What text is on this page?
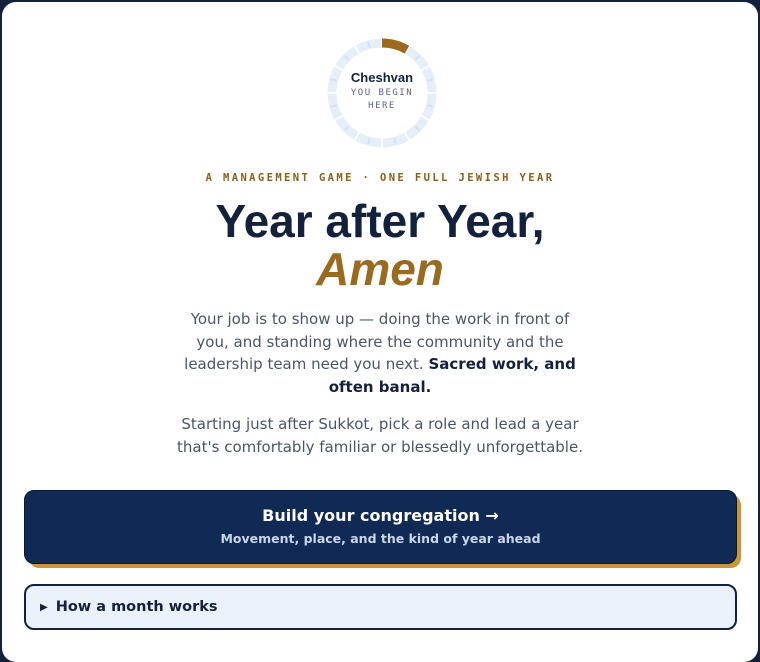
Cheshvan
YOU BEGIN HERE
A MANAGEMENT GAME · ONE FULL JEWISH YEAR
Year after Year,
Amen

Your job is to show up — doing the work in front of you, and standing where the community and the leadership team need you next. Sacred work, and often banal.

Starting just after Sukkot, pick a role and lead a year that's comfortably familiar or blessedly unforgettable.

Build your congregation →
Movement, place, and the kind of year ahead
▶ How a month works
